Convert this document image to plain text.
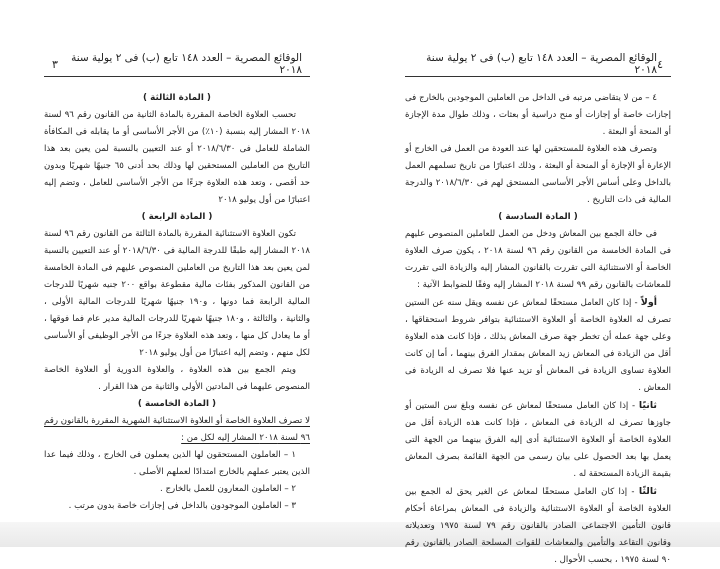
الوقائع المصرية – العدد ١٤٨ تابع (ب) فى ٢ يولية سنة ٢٠١٨
٣
( المادة الثالثة )

تحسب العلاوة الخاصة المقررة بالمادة الثانية من القانون رقم ٩٦ لسنة ٢٠١٨ المشار إليه بنسبة (١٠٪) من الأجر الأساسى أو ما يقابله فى المكافأة الشاملة للعامل فى ٢٠١٨/٦/٣٠ أو عند التعيين بالنسبة لمن يعين بعد هذا التاريخ من العاملين المستحقين لها وذلك بحد أدنى ٦٥ جنيهًا شهريًا وبدون حد أقصى ، وتعد هذه العلاوة جزءًا من الأجر الأساسى للعامل ، وتضم إليه اعتبارًا من أول يوليو ٢٠١٨

( المادة الرابعة )

تكون العلاوة الاستثنائية المقررة بالمادة الثالثة من القانون رقم ٩٦ لسنة ٢٠١٨ المشار إليه طبقًا للدرجة المالية فى ٢٠١٨/٦/٣٠ أو عند التعيين بالنسبة لمن يعين بعد هذا التاريخ من العاملين المنصوص عليهم فى المادة الخامسة من القانون المذكور بفئات مالية مقطوعة بواقع ٢٠٠ جنيه شهريًا للدرجات المالية الرابعة فما دونها ، و١٩٠ جنيهًا شهريًا للدرجات المالية الأولى ، والثانية ، والثالثة ، و١٨٠ جنيهًا شهريًا للدرجات المالية مدير عام فما فوقها ، أو ما يعادل كل منها ، وتعد هذه العلاوة جزءًا من الأجر الوظيفى أو الأساسى لكل منهم ، وتضم إليه اعتبارًا من أول يوليو ٢٠١٨

ويتم الجمع بين هذه العلاوة ، والعلاوة الدورية أو العلاوة الخاصة المنصوص عليهما فى المادتين الأولى والثانية من هذا القرار .

( المادة الخامسة )

لا تصرف العلاوة الخاصة أو العلاوة الاستثنائية الشهرية المقررة بالقانون رقم ٩٦ لسنة ٢٠١٨ المشار إليه لكل من :

١ – العاملون المستحقون لها الذين يعملون فى الخارج ، وذلك فيما عدا الذين يعتبر عملهم بالخارج امتدادًا لعملهم الأصلى .

٢ – العاملون المعارون للعمل بالخارج .

٣ – العاملون الموجودون بالداخل فى إجازات خاصة بدون مرتب .

٤
الوقائع المصرية – العدد ١٤٨ تابع (ب) فى ٢ يولية سنة ٢٠١٨

٤ – من لا يتقاضى مرتبه فى الداخل من العاملين الموجودين بالخارج فى إجازات خاصة أو إجازات أو منح دراسية أو بعثات ، وذلك طوال مدة الإجازة أو المنحة أو البعثة .

وتصرف هذه العلاوة للمستحقين لها عند العودة من العمل فى الخارج أو الإعارة أو الإجازة أو المنحة أو البعثة ، وذلك اعتبارًا من تاريخ تسلمهم العمل بالداخل وعلى أساس الأجر الأساسى المستحق لهم فى ٢٠١٨/٦/٣٠ والدرجة المالية فى ذات التاريخ .

( المادة السادسة )

فى حالة الجمع بين المعاش ودخل من العمل للعاملين المنصوص عليهم فى المادة الخامسة من القانون رقم ٩٦ لسنة ٢٠١٨ ، يكون صرف العلاوة الخاصة أو الاستثنائية التى تقررت بالقانون المشار إليه والزيادة التى تقررت للمعاشات بالقانون رقم ٩٩ لسنة ٢٠١٨ المشار إليه وفقًا للضوابط الآتية :

أولاً - إذا كان العامل مستحقًا لمعاش عن نفسه ويقل سنه عن الستين تصرف له العلاوة الخاصة أو العلاوة الاستثنائية بتوافر شروط استحقاقها ، وعلى جهة عمله أن تخطر جهة صرف المعاش بذلك ، فإذا كانت هذه العلاوة أقل من الزيادة فى المعاش زيد المعاش بمقدار الفرق بينهما ، أما إن كانت العلاوة تساوى الزيادة فى المعاش أو تزيد عنها فلا تصرف له الزيادة فى المعاش .

ثانيًا - إذا كان العامل مستحقًا لمعاش عن نفسه وبلغ سن الستين أو جاوزها تصرف له الزيادة فى المعاش ، فإذا كانت هذه الزيادة أقل من العلاوة الخاصة أو العلاوة الاستثنائية أدى إليه الفرق بينهما من الجهة التى يعمل بها بعد الحصول على بيان رسمى من الجهة القائمة بصرف المعاش بقيمة الزيادة المستحقة له .

ثالثًا - إذا كان العامل مستحقًا لمعاش عن الغير يحق له الجمع بين العلاوة الخاصة أو العلاوة الاستثنائية والزيادة فى المعاش بمراعاة أحكام قانون التأمين الاجتماعى الصادر بالقانون رقم ٧٩ لسنة ١٩٧٥ وتعديلاته وقانون التقاعد والتأمين والمعاشات للقوات المسلحة الصادر بالقانون رقم ٩٠ لسنة ١٩٧٥ ، بحسب الأحوال .
